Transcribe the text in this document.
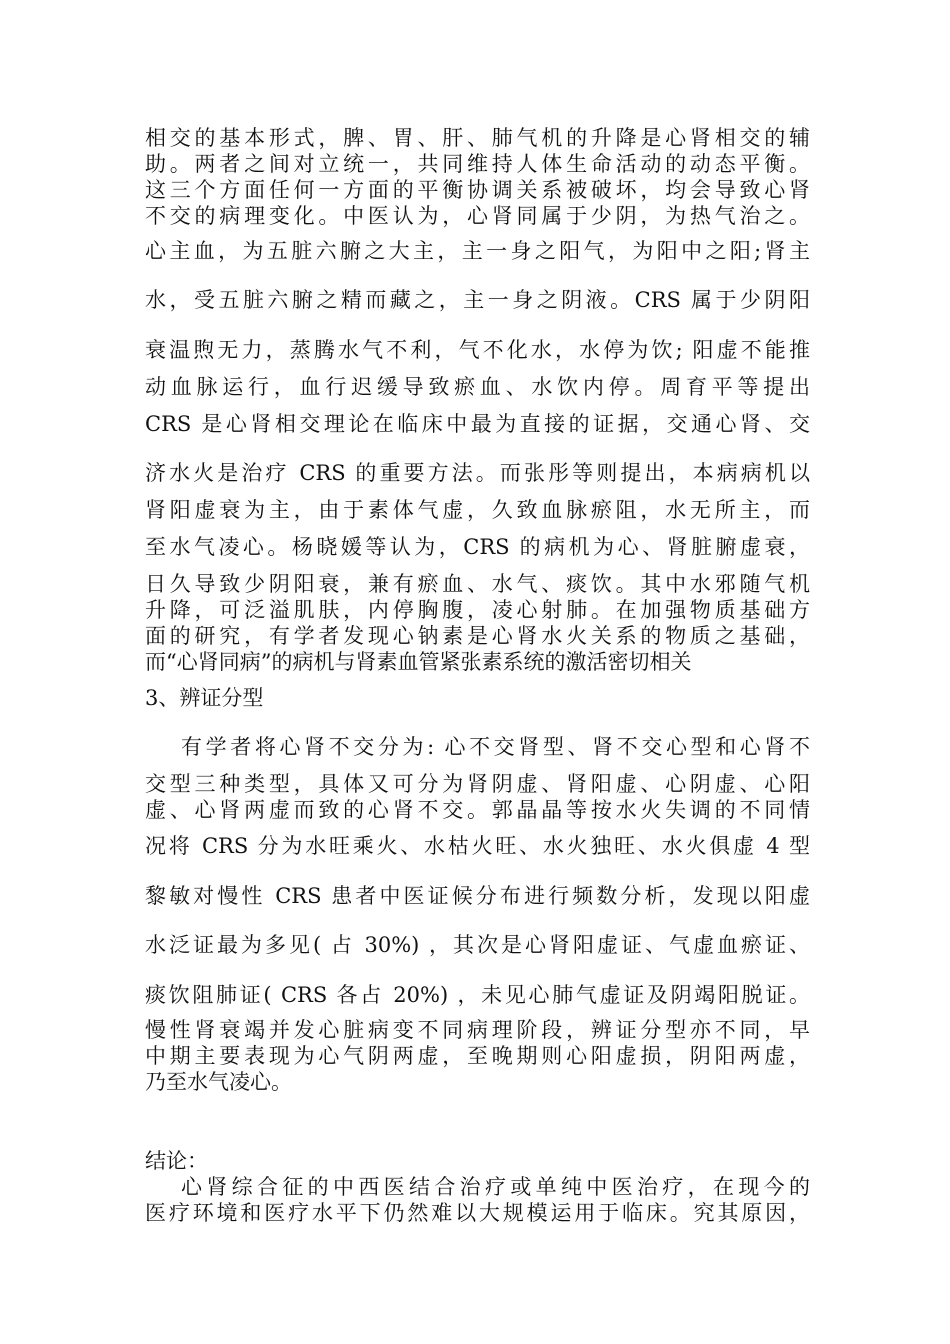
相交的基本形式，脾、胃、肝、肺气机的升降是心肾相交的辅
助。两者之间对立统一，共同维持人体生命活动的动态平衡。
这三个方面任何一方面的平衡协调关系被破坏，均会导致心肾
不交的病理变化。中医认为，心肾同属于少阴，为热气治之。
心主血，为五脏六腑之大主，主一身之阳气，为阳中之阳;肾主
水，受五脏六腑之精而藏之，主一身之阴液。CRS 属于少阴阳
衰温煦无力，蒸腾水气不利，气不化水，水停为饮; 阳虚不能推
动血脉运行，血行迟缓导致瘀血、水饮内停。周育平等提出
CRS 是心肾相交理论在临床中最为直接的证据，交通心肾、交
济水火是治疗 CRS 的重要方法。而张彤等则提出，本病病机以
肾阳虚衰为主，由于素体气虚，久致血脉瘀阻，水无所主，而
至水气凌心。杨晓媛等认为，CRS 的病机为心、肾脏腑虚衰，
日久导致少阴阳衰，兼有瘀血、水气、痰饮。其中水邪随气机
升降，可泛溢肌肤，内停胸腹，凌心射肺。在加强物质基础方
面的研究，有学者发现心钠素是心肾水火关系的物质之基础，
而“心肾同病”的病机与肾素血管紧张素系统的激活密切相关
3、辨证分型
有学者将心肾不交分为: 心不交肾型、肾不交心型和心肾不
交型三种类型，具体又可分为肾阴虚、肾阳虚、心阴虚、心阳
虚、心肾两虚而致的心肾不交。郭晶晶等按水火失调的不同情
况将 CRS 分为水旺乘火、水枯火旺、水火独旺、水火俱虚 4 型
黎敏对慢性 CRS 患者中医证候分布进行频数分析，发现以阳虚
水泛证最为多见( 占 30%) ，其次是心肾阳虚证、气虚血瘀证、
痰饮阻肺证( CRS 各占 20%) ，未见心肺气虚证及阴竭阳脱证。
慢性肾衰竭并发心脏病变不同病理阶段，辨证分型亦不同，早
中期主要表现为心气阴两虚，至晚期则心阳虚损，阴阳两虚，
乃至水气凌心。
结论：
心肾综合征的中西医结合治疗或单纯中医治疗，在现今的
医疗环境和医疗水平下仍然难以大规模运用于临床。究其原因，
